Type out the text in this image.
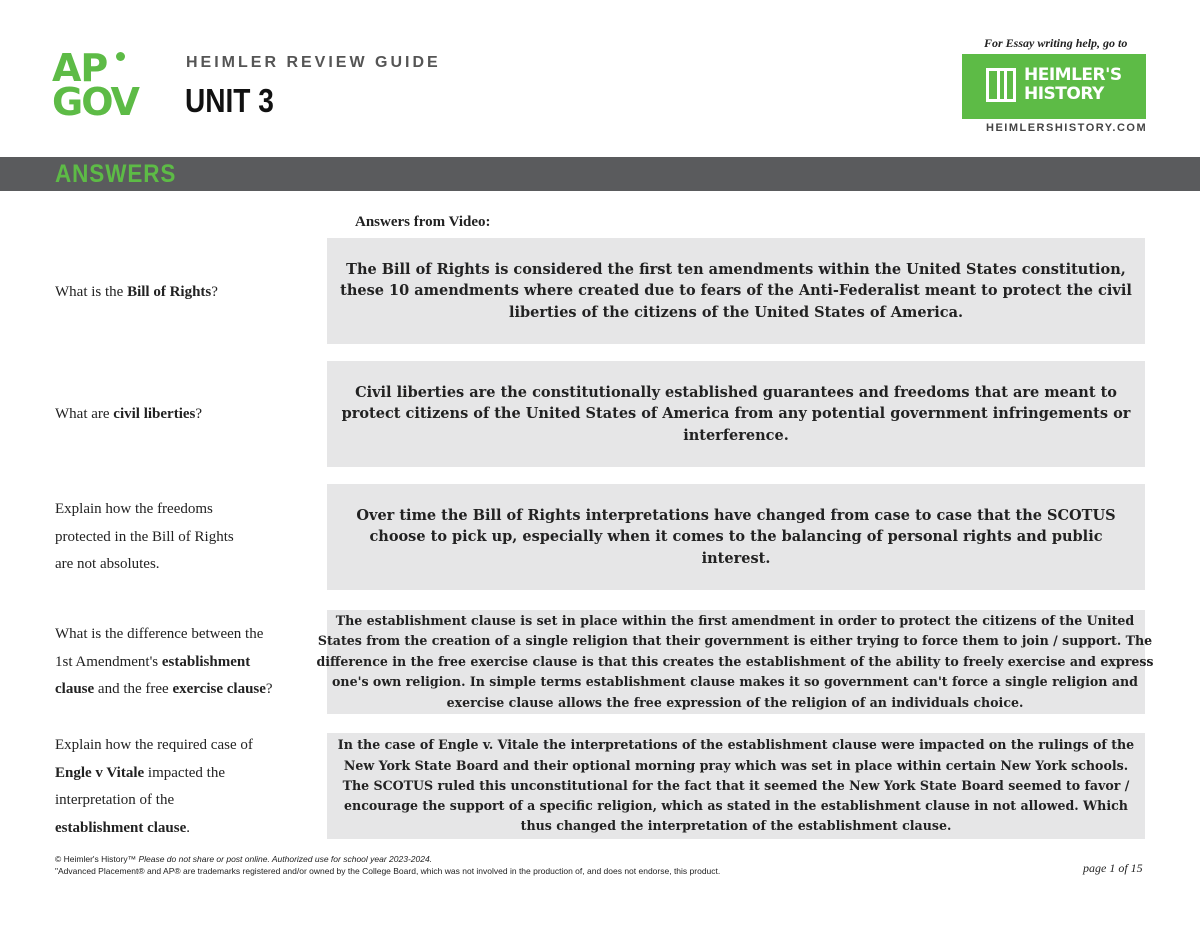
AP
GOV
HEIMLER REVIEW GUIDE
UNIT 3
For Essay writing help, go to
HEIMLER'S
HISTORY
HEIMLERSHISTORY.COM
ANSWERS
Answers from Video:
What is the Bill of Rights?
The Bill of Rights is considered the first ten amendments within the United States constitution, these 10 amendments where created due to fears of the Anti-Federalist meant to protect the civil liberties of the citizens of the United States of America.
What are civil liberties?
Civil liberties are the constitutionally established guarantees and freedoms that are meant to protect citizens of the United States of America from any potential government infringements or interference.
Explain how the freedoms
protected in the Bill of Rights
are not absolutes.
Over time the Bill of Rights interpretations have changed from case to case that the SCOTUS choose to pick up, especially when it comes to the balancing of personal rights and public interest.
What is the difference between the
1st Amendment's establishment
clause and the free exercise clause?
The establishment clause is set in place within the first amendment in order to protect the citizens of the United States from the creation of a single religion that their government is either trying to force them to join / support. The difference in the free exercise clause is that this creates the establishment of the ability to freely exercise and express one's own religion. In simple terms establishment clause makes it so government can't force a single religion and exercise clause allows the free expression of the religion of an individuals choice.
Explain how the required case of
Engle v Vitale impacted the
interpretation of the
establishment clause.
In the case of Engle v. Vitale the interpretations of the establishment clause were impacted on the rulings of the New York State Board and their optional morning pray which was set in place within certain New York schools. The SCOTUS ruled this unconstitutional for the fact that it seemed the New York State Board seemed to favor / encourage the support of a specific religion, which as stated in the establishment clause in not allowed. Which thus changed the interpretation of the establishment clause.
© Heimler's History™ Please do not share or post online. Authorized use for school year 2023-2024.
"Advanced Placement® and AP® are trademarks registered and/or owned by the College Board, which was not involved in the production of, and does not endorse, this product.	page 1 of 15
